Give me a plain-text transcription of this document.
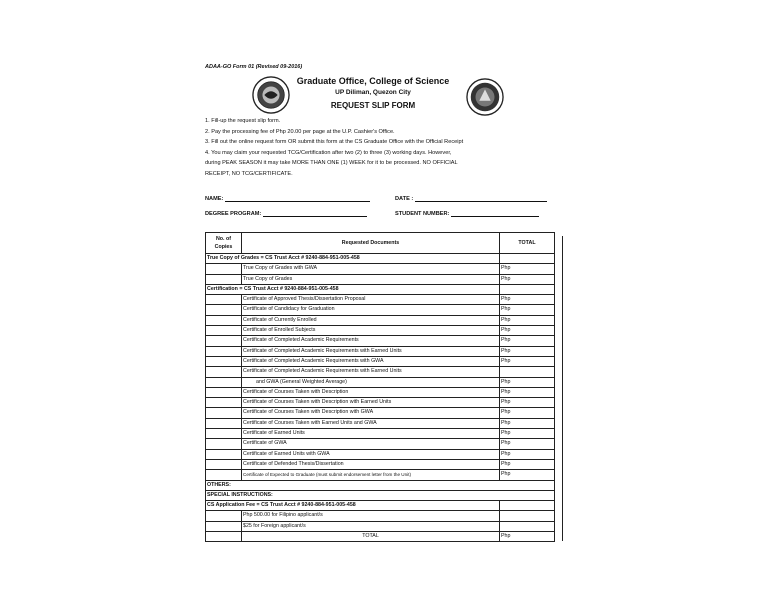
ADAA-GO Form 01 (Revised 09-2016)
Graduate Office, College of Science
UP Diliman, Quezon City
REQUEST SLIP FORM
1. Fill-up the request slip form.
2. Pay the processing fee of Php 20.00 per page at the U.P. Cashier's Office.
3. Fill out the online request form OR submit this form at the CS Graduate Office with the Official Receipt
4. You may claim your requested TCG/Certification after two (2) to three (3) working days. However,
during PEAK SEASON it may take MORE THAN ONE (1) WEEK for it to be processed. NO OFFICIAL
RECEIPT, NO TCG/CERTIFICATE.
NAME:	DATE :
DEGREE PROGRAM:	STUDENT NUMBER:
No. of Copies	Requested Documents	TOTAL
True Copy of Grades = CS Trust Acct # 9240-884-951-005-458		
	True Copy of Grades with GWA	Php
	True Copy of Grades	Php
Certification = CS Trust Acct # 9240-884-951-005-458		
	Certificate of Approved Thesis/Dissertation Proposal	Php
	Certificate of Candidacy for Graduation	Php
	Certificate of Currently Enrolled	Php
	Certificate of Enrolled Subjects	Php
	Certificate of Completed Academic Requirements	Php
	Certificate of Completed Academic Requirements with Earned Units	Php
	Certificate of Completed Academic Requirements with GWA	Php
	Certificate of Completed Academic Requirements with Earned Units	
	and GWA (General Weighted Average)	Php
	Certificate of Courses Taken with Description	Php
	Certificate of Courses Taken with Description with Earned Units	Php
	Certificate of Courses Taken with Description with GWA	Php
	Certificate of Courses Taken with Earned Units and GWA	Php
	Certificate of Earned Units	Php
	Certificate of GWA	Php
	Certificate of Earned Units with GWA	Php
	Certificate of Defended Thesis/Dissertation	Php
	Certificate of Expected to Graduate (must submit endorsement letter from the Unit)	Php
OTHERS:		
SPECIAL INSTRUCTIONS:		
CS Application Fee = CS Trust Acct # 9240-884-951-005-458		
	Php 500.00 for Filipino applicant/s	
	$25 for Foreign applicant/s	
	TOTAL	Php
